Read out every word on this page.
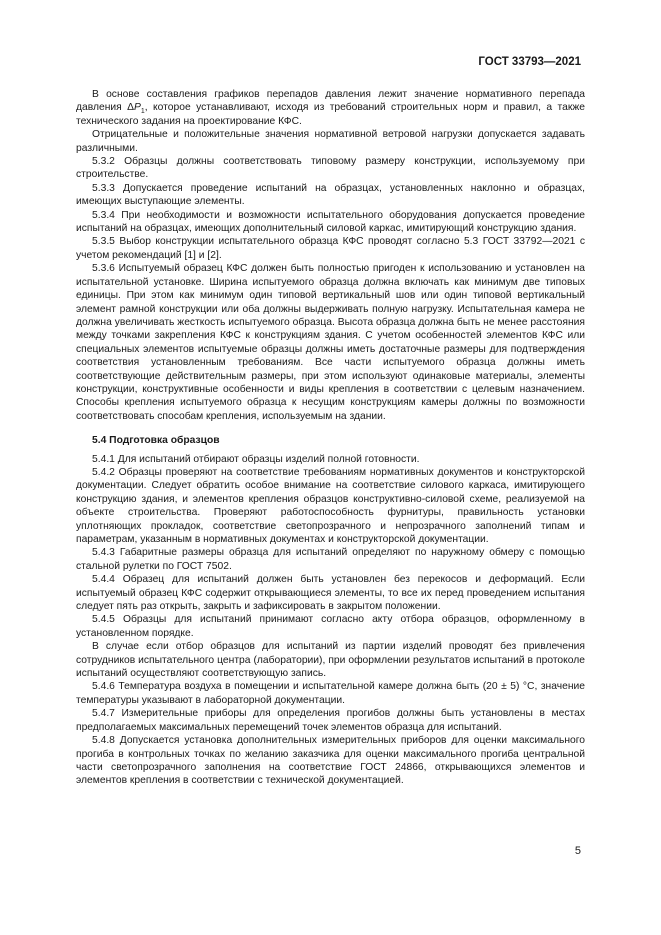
ГОСТ 33793—2021

В основе составления графиков перепадов давления лежит значение нормативного перепада давления $\Delta P_1$, которое устанавливают, исходя из требований строительных норм и правил, а также технического задания на проектирование КФС.

Отрицательные и положительные значения нормативной ветровой нагрузки допускается задавать различными.

5.3.2 Образцы должны соответствовать типовому размеру конструкции, используемому при строительстве.

5.3.3 Допускается проведение испытаний на образцах, установленных наклонно и образцах, имеющих выступающие элементы.

5.3.4 При необходимости и возможности испытательного оборудования допускается проведение испытаний на образцах, имеющих дополнительный силовой каркас, имитирующий конструкцию здания.

5.3.5 Выбор конструкции испытательного образца КФС проводят согласно 5.3 ГОСТ 33792—2021 с учетом рекомендаций [1] и [2].

5.3.6 Испытуемый образец КФС должен быть полностью пригоден к использованию и установлен на испытательной установке. Ширина испытуемого образца должна включать как минимум две типовых единицы. При этом как минимум один типовой вертикальный шов или один типовой вертикальный элемент рамной конструкции или оба должны выдерживать полную нагрузку. Испытательная камера не должна увеличивать жесткость испытуемого образца. Высота образца должна быть не менее расстояния между точками закрепления КФС к конструкциям здания. С учетом особенностей элементов КФС или специальных элементов испытуемые образцы должны иметь достаточные размеры для подтверждения соответствия установленным требованиям. Все части испытуемого образца должны иметь соответствующие действительным размеры, при этом используют одинаковые материалы, элементы конструкции, конструктивные особенности и виды крепления в соответствии с целевым назначением. Способы крепления испытуемого образца к несущим конструкциям камеры должны по возможности соответствовать способам крепления, используемым на здании.

5.4 Подготовка образцов

5.4.1 Для испытаний отбирают образцы изделий полной готовности.

5.4.2 Образцы проверяют на соответствие требованиям нормативных документов и конструкторской документации. Следует обратить особое внимание на соответствие силового каркаса, имитирующего конструкцию здания, и элементов крепления образцов конструктивно-силовой схеме, реализуемой на объекте строительства. Проверяют работоспособность фурнитуры, правильность установки уплотняющих прокладок, соответствие светопрозрачного и непрозрачного заполнений типам и параметрам, указанным в нормативных документах и конструкторской документации.

5.4.3 Габаритные размеры образца для испытаний определяют по наружному обмеру с помощью стальной рулетки по ГОСТ 7502.

5.4.4 Образец для испытаний должен быть установлен без перекосов и деформаций. Если испытуемый образец КФС содержит открывающиеся элементы, то все их перед проведением испытания следует пять раз открыть, закрыть и зафиксировать в закрытом положении.

5.4.5 Образцы для испытаний принимают согласно акту отбора образцов, оформленному в установленном порядке.

В случае если отбор образцов для испытаний из партии изделий проводят без привлечения сотрудников испытательного центра (лаборатории), при оформлении результатов испытаний в протоколе испытаний осуществляют соответствующую запись.

5.4.6 Температура воздуха в помещении и испытательной камере должна быть (20 ± 5) °С, значение температуры указывают в лабораторной документации.

5.4.7 Измерительные приборы для определения прогибов должны быть установлены в местах предполагаемых максимальных перемещений точек элементов образца для испытаний.

5.4.8 Допускается установка дополнительных измерительных приборов для оценки максимального прогиба в контрольных точках по желанию заказчика для оценки максимального прогиба центральной части светопрозрачного заполнения на соответствие ГОСТ 24866, открывающихся элементов и элементов крепления в соответствии с технической документацией.

5
